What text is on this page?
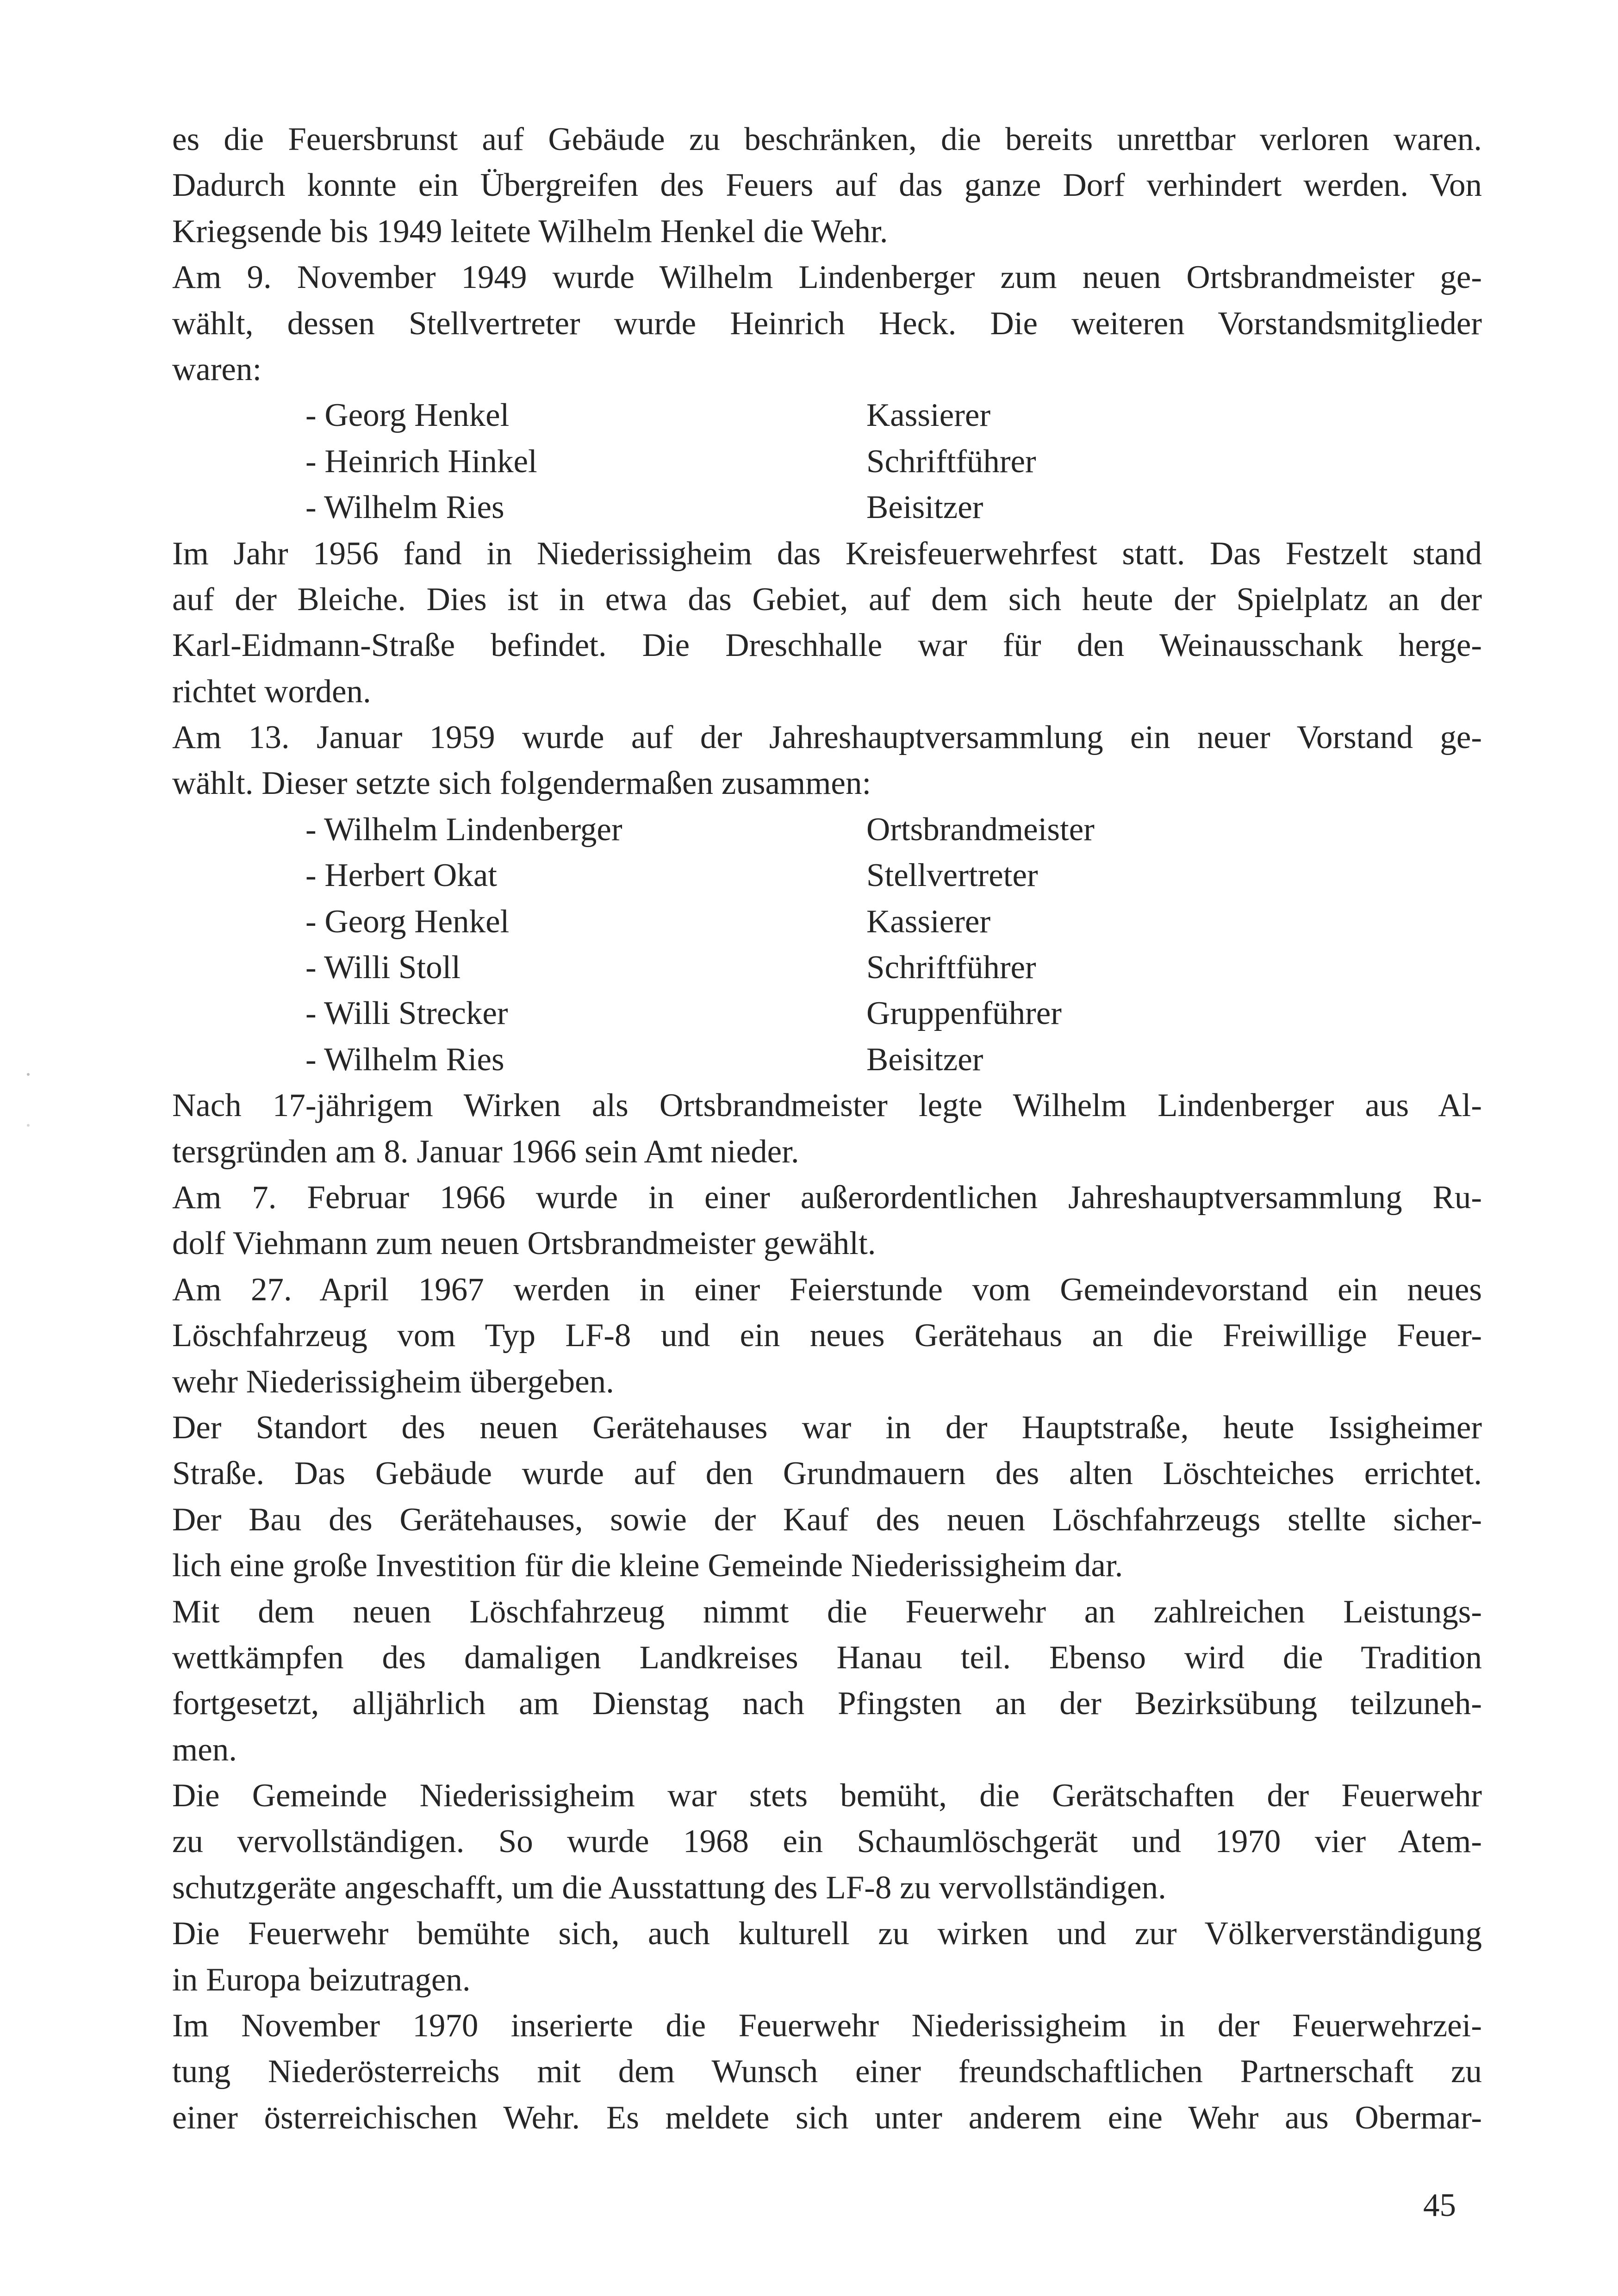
es die Feuersbrunst auf Gebäude zu beschränken, die bereits unrettbar verloren waren.
Dadurch konnte ein Übergreifen des Feuers auf das ganze Dorf verhindert werden. Von
Kriegsende bis 1949 leitete Wilhelm Henkel die Wehr.
Am 9. November 1949 wurde Wilhelm Lindenberger zum neuen Ortsbrandmeister ge-
wählt, dessen Stellvertreter wurde Heinrich Heck. Die weiteren Vorstandsmitglieder
waren:
- Georg Henkel	Kassierer
- Heinrich Hinkel	Schriftführer
- Wilhelm Ries	Beisitzer
Im Jahr 1956 fand in Niederissigheim das Kreisfeuerwehrfest statt. Das Festzelt stand
auf der Bleiche. Dies ist in etwa das Gebiet, auf dem sich heute der Spielplatz an der
Karl-Eidmann-Straße befindet. Die Dreschhalle war für den Weinausschank herge-
richtet worden.
Am 13. Januar 1959 wurde auf der Jahreshauptversammlung ein neuer Vorstand ge-
wählt. Dieser setzte sich folgendermaßen zusammen:
- Wilhelm Lindenberger	Ortsbrandmeister
- Herbert Okat	Stellvertreter
- Georg Henkel	Kassierer
- Willi Stoll	Schriftführer
- Willi Strecker	Gruppenführer
- Wilhelm Ries	Beisitzer
Nach 17-jährigem Wirken als Ortsbrandmeister legte Wilhelm Lindenberger aus Al-
tersgründen am 8. Januar 1966 sein Amt nieder.
Am 7. Februar 1966 wurde in einer außerordentlichen Jahreshauptversammlung Ru-
dolf Viehmann zum neuen Ortsbrandmeister gewählt.
Am 27. April 1967 werden in einer Feierstunde vom Gemeindevorstand ein neues
Löschfahrzeug vom Typ LF-8 und ein neues Gerätehaus an die Freiwillige Feuer-
wehr Niederissigheim übergeben.
Der Standort des neuen Gerätehauses war in der Hauptstraße, heute Issigheimer
Straße. Das Gebäude wurde auf den Grundmauern des alten Löschteiches errichtet.
Der Bau des Gerätehauses, sowie der Kauf des neuen Löschfahrzeugs stellte sicher-
lich eine große Investition für die kleine Gemeinde Niederissigheim dar.
Mit dem neuen Löschfahrzeug nimmt die Feuerwehr an zahlreichen Leistungs-
wettkämpfen des damaligen Landkreises Hanau teil. Ebenso wird die Tradition
fortgesetzt, alljährlich am Dienstag nach Pfingsten an der Bezirksübung teilzuneh-
men.
Die Gemeinde Niederissigheim war stets bemüht, die Gerätschaften der Feuerwehr
zu vervollständigen. So wurde 1968 ein Schaumlöschgerät und 1970 vier Atem-
schutzgeräte angeschafft, um die Ausstattung des LF-8 zu vervollständigen.
Die Feuerwehr bemühte sich, auch kulturell zu wirken und zur Völkerverständigung
in Europa beizutragen.
Im November 1970 inserierte die Feuerwehr Niederissigheim in der Feuerwehrzei-
tung Niederösterreichs mit dem Wunsch einer freundschaftlichen Partnerschaft zu
einer österreichischen Wehr. Es meldete sich unter anderem eine Wehr aus Obermar-
45
